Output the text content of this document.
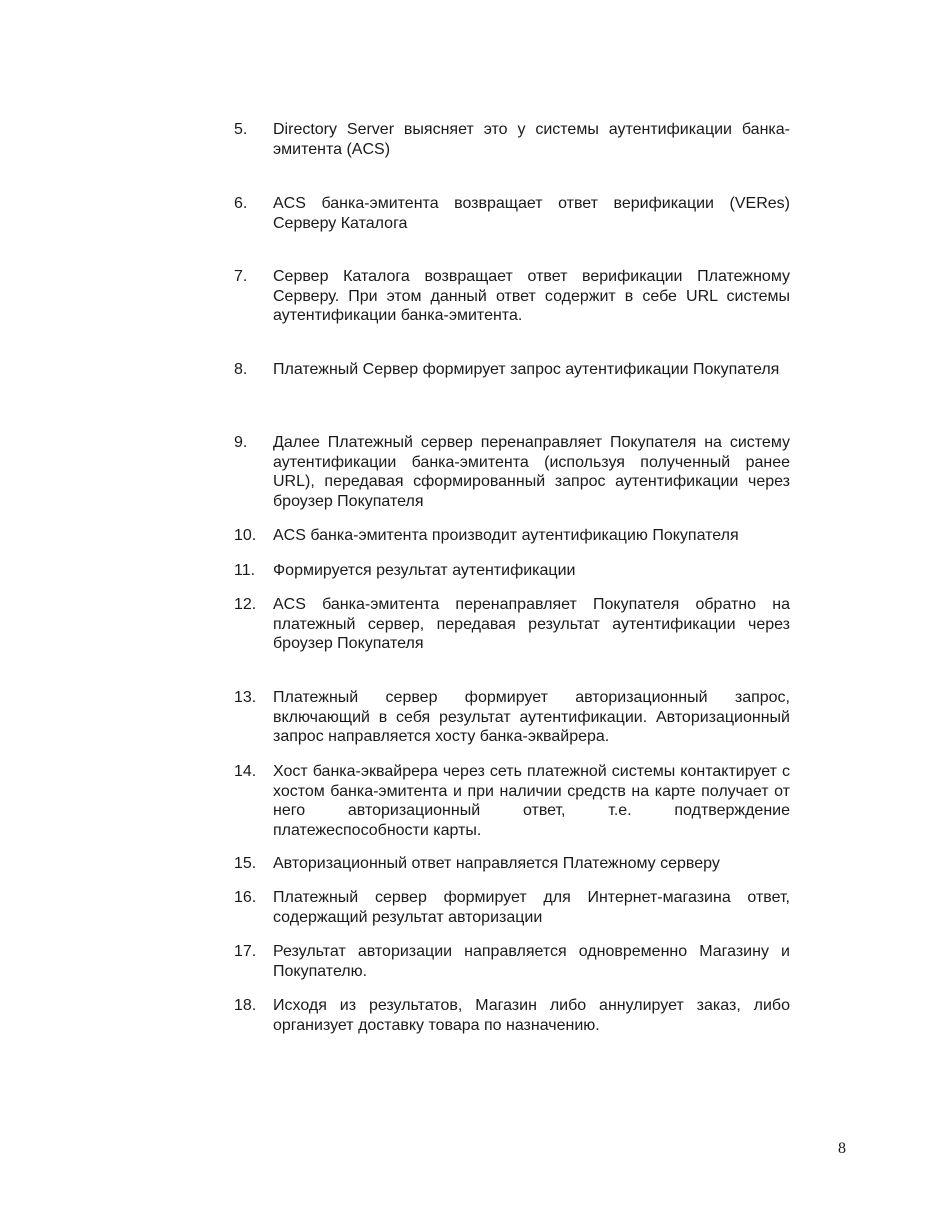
5.	Directory Server выясняет это у системы аутентификации банка-эмитента (ACS)
6.	ACS банка-эмитента возвращает ответ верификации (VERes) Серверу Каталога
7.	Сервер Каталога возвращает ответ верификации Платежному Серверу. При этом данный ответ содержит в себе URL системы аутентификации банка-эмитента.
8.	Платежный Сервер формирует запрос аутентификации Покупателя
9.	Далее Платежный сервер перенаправляет Покупателя на систему аутентификации банка-эмитента (используя полученный ранее URL), передавая сформированный запрос аутентификации через броузер Покупателя
10.	ACS банка-эмитента производит аутентификацию Покупателя
11.	Формируется результат аутентификации
12.	ACS банка-эмитента перенаправляет Покупателя обратно на платежный сервер, передавая результат аутентификации через броузер Покупателя
13.	Платежный сервер формирует авторизационный запрос, включающий в себя результат аутентификации. Авторизационный запрос направляется хосту банка-эквайрера.
14.	Хост банка-эквайрера через сеть платежной системы контактирует с хостом банка-эмитента и при наличии средств на карте получает от него авторизационный ответ, т.е. подтверждение платежеспособности карты.
15.	Авторизационный ответ направляется Платежному серверу
16.	Платежный сервер формирует для Интернет-магазина ответ, содержащий результат авторизации
17.	Результат авторизации направляется одновременно Магазину и Покупателю.
18.	Исходя из результатов, Магазин либо аннулирует заказ, либо организует доставку товара по назначению.
8
